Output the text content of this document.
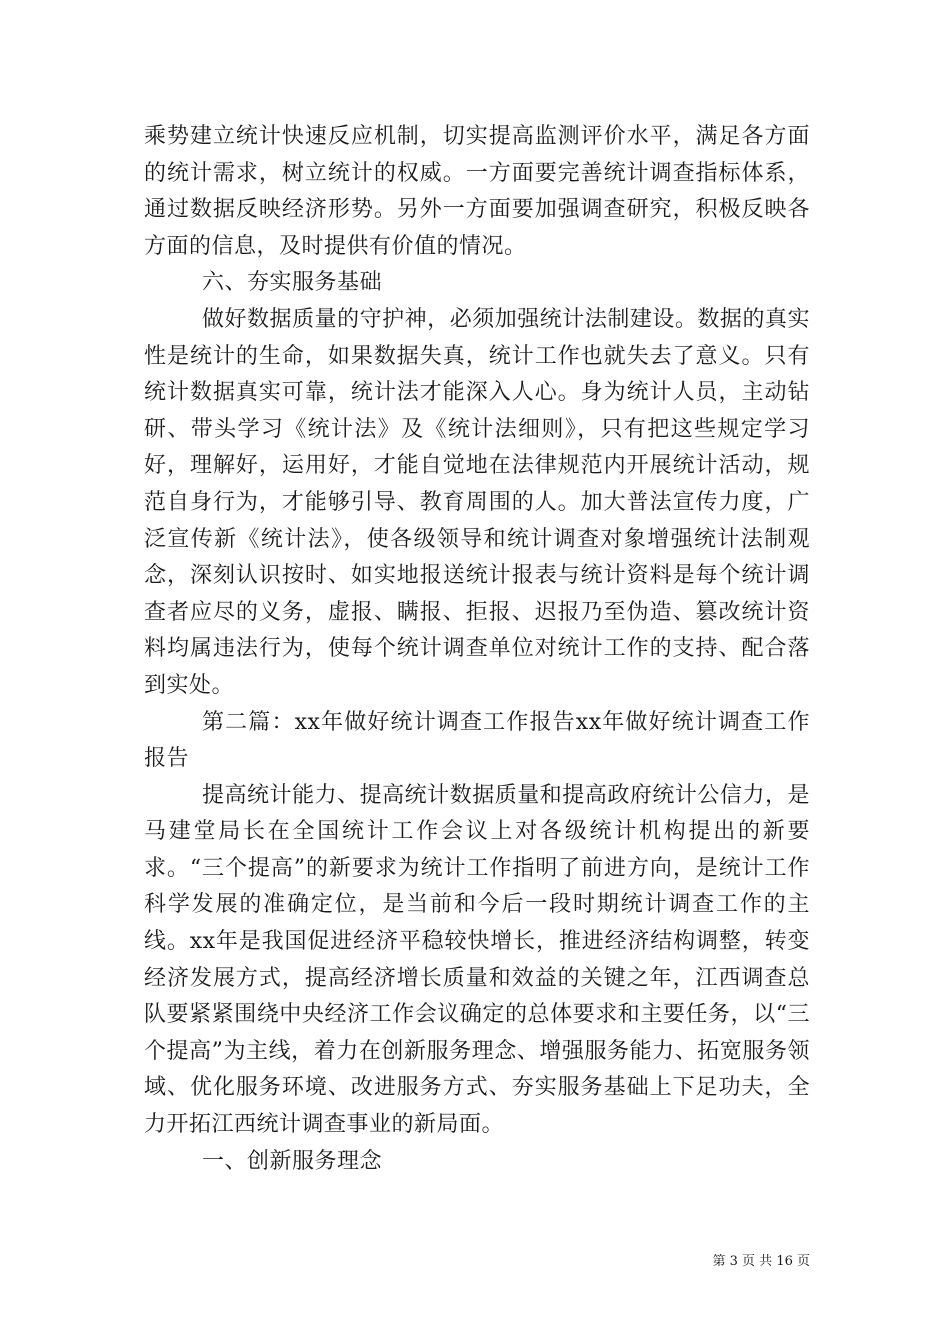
乘势建立统计快速反应机制，切实提高监测评价水平，满足各方面的统计需求，树立统计的权威。一方面要完善统计调查指标体系，通过数据反映经济形势。另外一方面要加强调查研究，积极反映各方面的信息，及时提供有价值的情况。

六、夯实服务基础

做好数据质量的守护神，必须加强统计法制建设。数据的真实性是统计的生命，如果数据失真，统计工作也就失去了意义。只有统计数据真实可靠，统计法才能深入人心。身为统计人员，主动钻研、带头学习《统计法》及《统计法细则》，只有把这些规定学习好，理解好，运用好，才能自觉地在法律规范内开展统计活动，规范自身行为，才能够引导、教育周围的人。加大普法宣传力度，广泛宣传新《统计法》，使各级领导和统计调查对象增强统计法制观念，深刻认识按时、如实地报送统计报表与统计资料是每个统计调查者应尽的义务，虚报、瞒报、拒报、迟报乃至伪造、篡改统计资料均属违法行为，使每个统计调查单位对统计工作的支持、配合落到实处。

第二篇：xx年做好统计调查工作报告xx年做好统计调查工作报告

提高统计能力、提高统计数据质量和提高政府统计公信力，是马建堂局长在全国统计工作会议上对各级统计机构提出的新要求。“三个提高”的新要求为统计工作指明了前进方向，是统计工作科学发展的准确定位，是当前和今后一段时期统计调查工作的主线。xx年是我国促进经济平稳较快增长，推进经济结构调整，转变经济发展方式，提高经济增长质量和效益的关键之年，江西调查总队要紧紧围绕中央经济工作会议确定的总体要求和主要任务，以“三个提高”为主线，着力在创新服务理念、增强服务能力、拓宽服务领域、优化服务环境、改进服务方式、夯实服务基础上下足功夫，全力开拓江西统计调查事业的新局面。

一、创新服务理念

第 3 页 共 16 页
